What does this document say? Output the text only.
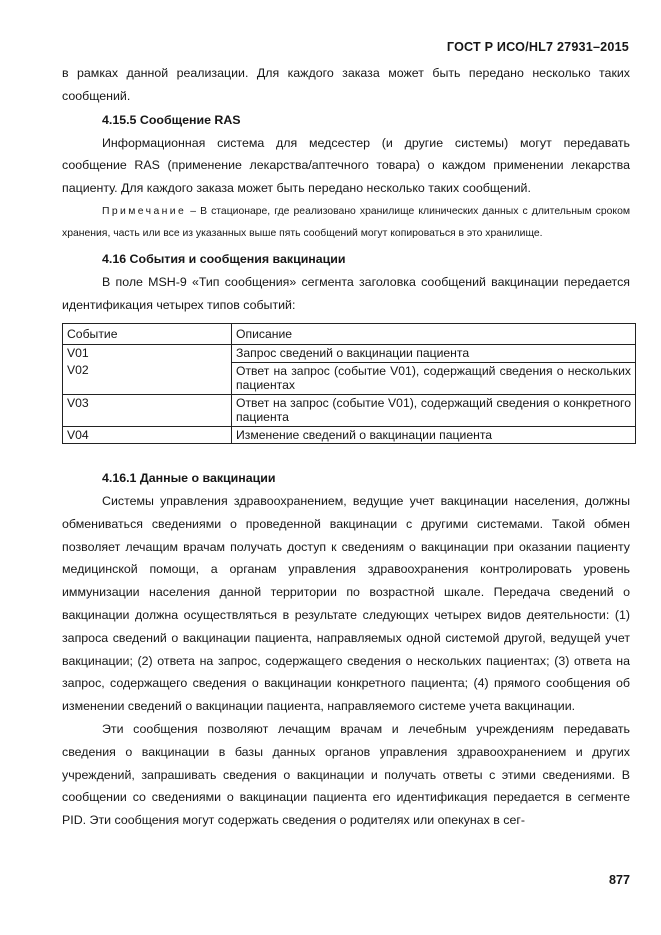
ГОСТ Р ИСО/HL7 27931–2015

в рамках данной реализации. Для каждого заказа может быть передано несколько таких сообщений.

4.15.5 Сообщение RAS

Информационная система для медсестер (и другие системы) могут передавать сообщение RAS (применение лекарства/аптечного товара) о каждом применении лекарства пациенту. Для каждого заказа может быть передано несколько таких сообщений.

Примечание – В стационаре, где реализовано хранилище клинических данных с длительным сроком хранения, часть или все из указанных выше пять сообщений могут копироваться в это хранилище.

4.16 События и сообщения вакцинации

В поле MSH-9 «Тип сообщения» сегмента заголовка сообщений вакцинации передается идентификация четырех типов событий:

Событие	Описание
V01	Запрос сведений о вакцинации пациента
V02	Ответ на запрос (событие V01), содержащий сведения о нескольких пациентах
V03	Ответ на запрос (событие V01), содержащий сведения о конкретного пациента
V04	Изменение сведений о вакцинации пациента

4.16.1 Данные о вакцинации

Системы управления здравоохранением, ведущие учет вакцинации населения, должны обмениваться сведениями о проведенной вакцинации с другими системами. Такой обмен позволяет лечащим врачам получать доступ к сведениям о вакцинации при оказании пациенту медицинской помощи, а органам управления здравоохранения контролировать уровень иммунизации населения данной территории по возрастной шкале. Передача сведений о вакцинации должна осуществляться в результате следующих четырех видов деятельности: (1) запроса сведений о вакцинации пациента, направляемых одной системой другой, ведущей учет вакцинации; (2) ответа на запрос, содержащего сведения о нескольких пациентах; (3) ответа на запрос, содержащего сведения о вакцинации конкретного пациента; (4) прямого сообщения об изменении сведений о вакцинации пациента, направляемого системе учета вакцинации.

Эти сообщения позволяют лечащим врачам и лечебным учреждениям передавать сведения о вакцинации в базы данных органов управления здравоохранением и других учреждений, запрашивать сведения о вакцинации и получать ответы с этими сведениями. В сообщении со сведениями о вакцинации пациента его идентификация передается в сегменте PID. Эти сообщения могут содержать сведения о родителях или опекунах в сег-

877
